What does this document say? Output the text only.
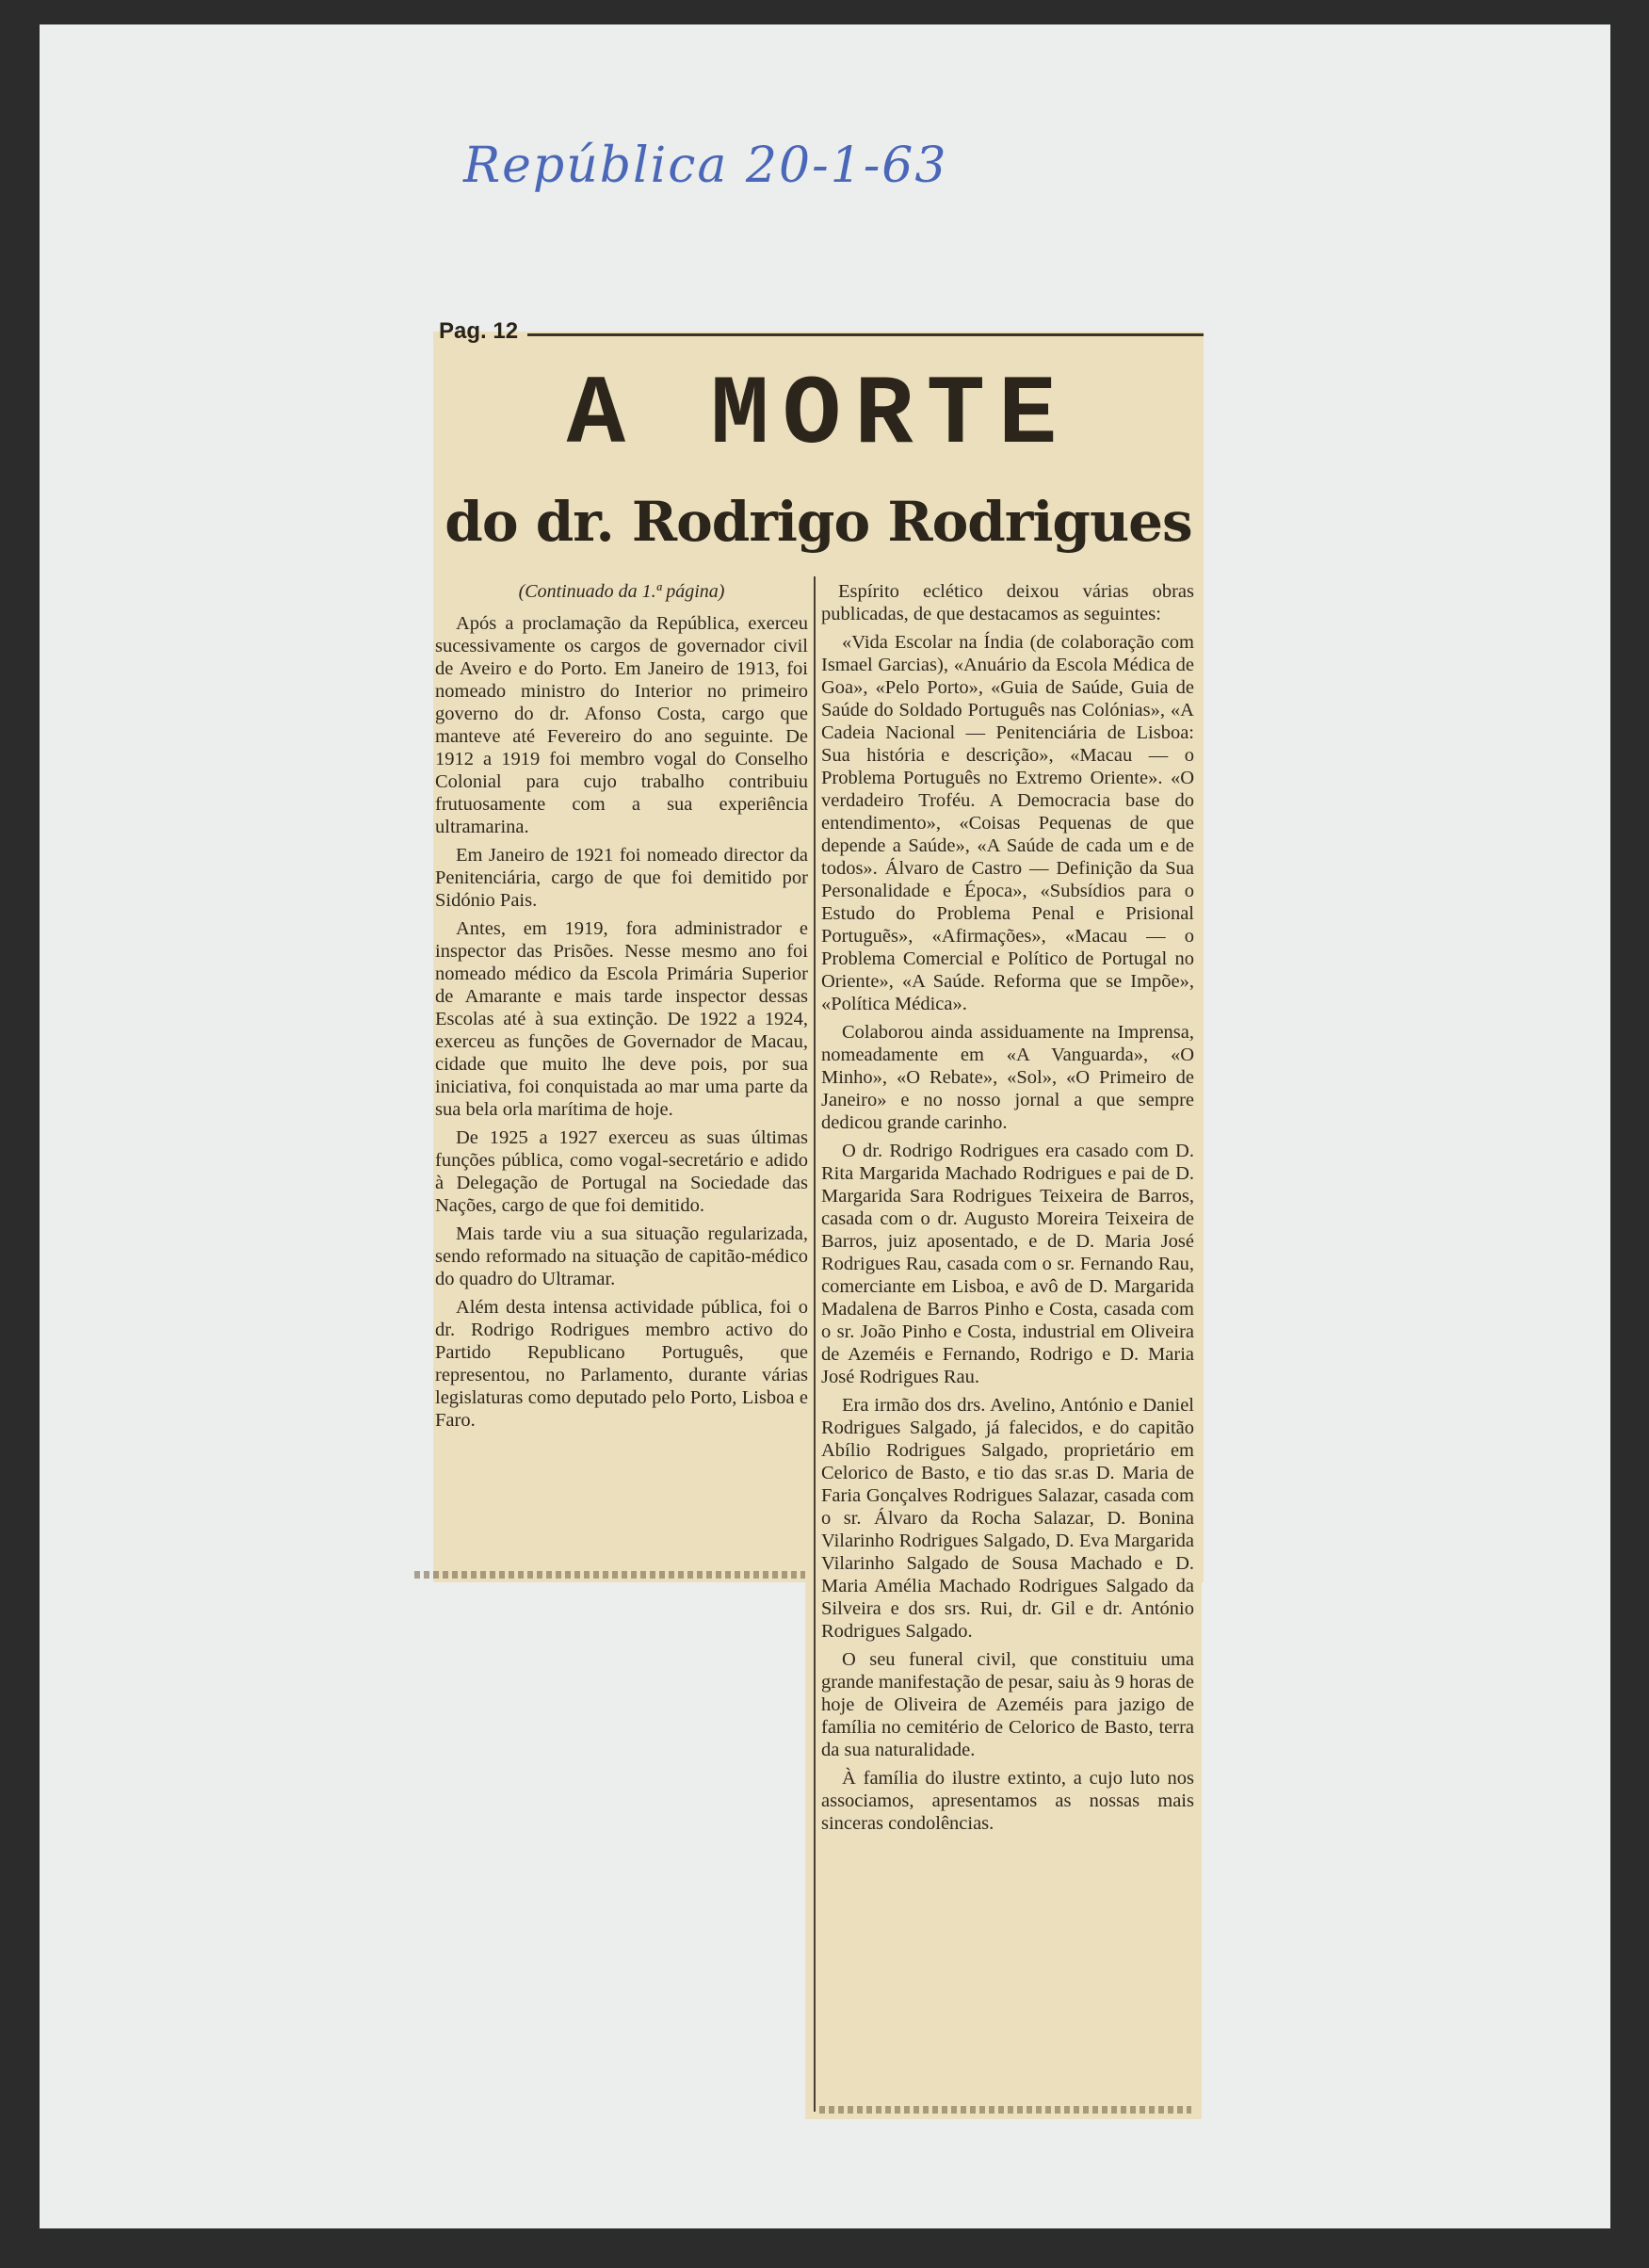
República 20-1-63
Pag. 12
A MORTE
do dr. Rodrigo Rodrigues
(Continuado da 1.ª página)

Após a proclamação da República, exerceu sucessivamente os cargos de governador civil de Aveiro e do Porto. Em Janeiro de 1913, foi nomeado ministro do Interior no primeiro governo do dr. Afonso Costa, cargo que manteve até Fevereiro do ano seguinte. De 1912 a 1919 foi membro vogal do Conselho Colonial para cujo trabalho contribuiu frutuosamente com a sua experiência ultramarina.

Em Janeiro de 1921 foi nomeado director da Penitenciária, cargo de que foi demitido por Sidónio Pais.

Antes, em 1919, fora administrador e inspector das Prisões. Nesse mesmo ano foi nomeado médico da Escola Primária Superior de Amarante e mais tarde inspector dessas Escolas até à sua extinção. De 1922 a 1924, exerceu as funções de Governador de Macau, cidade que muito lhe deve pois, por sua iniciativa, foi conquistada ao mar uma parte da sua bela orla marítima de hoje.

De 1925 a 1927 exerceu as suas últimas funções pública, como vogal-secretário e adido à Delegação de Portugal na Sociedade das Nações, cargo de que foi demitido.

Mais tarde viu a sua situação regularizada, sendo reformado na situação de capitão-médico do quadro do Ultramar.

Além desta intensa actividade pública, foi o dr. Rodrigo Rodrigues membro activo do Partido Republicano Português, que representou, no Parlamento, durante várias legislaturas como deputado pelo Porto, Lisboa e Faro.

Espírito eclético deixou várias obras publicadas, de que destacamos as seguintes:

«Vida Escolar na Índia (de colaboração com Ismael Garcias), «Anuário da Escola Médica de Goa», «Pelo Porto», «Guia de Saúde, Guia de Saúde do Soldado Português nas Colónias», «A Cadeia Nacional — Penitenciária de Lisboa: Sua história e descrição», «Macau — o Problema Português no Extremo Oriente». «O verdadeiro Troféu. A Democracia base do entendimento», «Coisas Pequenas de que depende a Saúde», «A Saúde de cada um e de todos». Álvaro de Castro — Definição da Sua Personalidade e Época», «Subsídios para o Estudo do Problema Penal e Prisional Portuguẽs», «Afirmações», «Macau — o Problema Comercial e Político de Portugal no Oriente», «A Saúde. Reforma que se Impõe», «Política Médica».

Colaborou ainda assiduamente na Imprensa, nomeadamente em «A Vanguarda», «O Minho», «O Rebate», «Sol», «O Primeiro de Janeiro» e no nosso jornal a que sempre dedicou grande carinho.

O dr. Rodrigo Rodrigues era casado com D. Rita Margarida Machado Rodrigues e pai de D. Margarida Sara Rodrigues Teixeira de Barros, casada com o dr. Augusto Moreira Teixeira de Barros, juiz aposentado, e de D. Maria José Rodrigues Rau, casada com o sr. Fernando Rau, comerciante em Lisboa, e avô de D. Margarida Madalena de Barros Pinho e Costa, casada com o sr. João Pinho e Costa, industrial em Oliveira de Azeméis e Fernando, Rodrigo e D. Maria José Rodrigues Rau.

Era irmão dos drs. Avelino, António e Daniel Rodrigues Salgado, já falecidos, e do capitão Abílio Rodrigues Salgado, proprietário em Celorico de Basto, e tio das sr.as D. Maria de Faria Gonçalves Rodrigues Salazar, casada com o sr. Álvaro da Rocha Salazar, D. Bonina Vilarinho Rodrigues Salgado, D. Eva Margarida Vilarinho Salgado de Sousa Machado e D. Maria Amélia Machado Rodrigues Salgado da Silveira e dos srs. Rui, dr. Gil e dr. António Rodrigues Salgado.

O seu funeral civil, que constituiu uma grande manifestação de pesar, saiu às 9 horas de hoje de Oliveira de Azeméis para jazigo de família no cemitério de Celorico de Basto, terra da sua naturalidade.

À família do ilustre extinto, a cujo luto nos associamos, apresentamos as nossas mais sinceras condolências.
